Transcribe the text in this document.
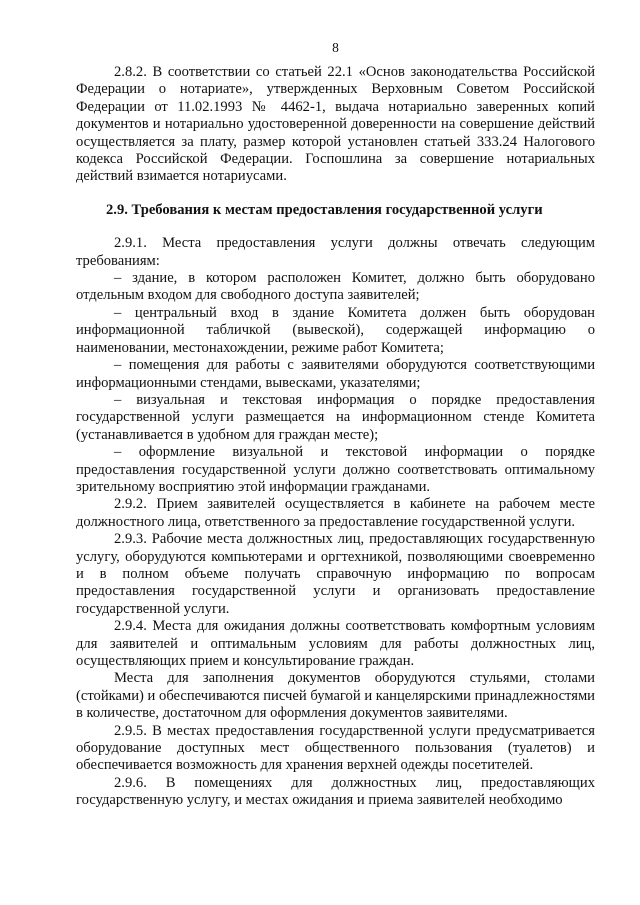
8

2.8.2. В соответствии со статьей 22.1 «Основ законодательства Российской Федерации о нотариате», утвержденных Верховным Советом Российской Федерации от 11.02.1993 № 4462-1, выдача нотариально заверенных копий документов и нотариально удостоверенной доверенности на совершение действий осуществляется за плату, размер которой установлен статьей 333.24 Налогового кодекса Российской Федерации. Госпошлина за совершение нотариальных действий взимается нотариусами.

2.9. Требования к местам предоставления государственной услуги

2.9.1. Места предоставления услуги должны отвечать следующим требованиям:

– здание, в котором расположен Комитет, должно быть оборудовано отдельным входом для свободного доступа заявителей;

– центральный вход в здание Комитета должен быть оборудован информационной табличкой (вывеской), содержащей информацию о наименовании, местонахождении, режиме работ Комитета;

– помещения для работы с заявителями оборудуются соответствующими информационными стендами, вывесками, указателями;

– визуальная и текстовая информация о порядке предоставления государственной услуги размещается на информационном стенде Комитета (устанавливается в удобном для граждан месте);

– оформление визуальной и текстовой информации о порядке предоставления государственной услуги должно соответствовать оптимальному зрительному восприятию этой информации гражданами.

2.9.2. Прием заявителей осуществляется в кабинете на рабочем месте должностного лица, ответственного за предоставление государственной услуги.

2.9.3. Рабочие места должностных лиц, предоставляющих государственную услугу, оборудуются компьютерами и оргтехникой, позволяющими своевременно и в полном объеме получать справочную информацию по вопросам предоставления государственной услуги и организовать предоставление государственной услуги.

2.9.4. Места для ожидания должны соответствовать комфортным условиям для заявителей и оптимальным условиям для работы должностных лиц, осуществляющих прием и консультирование граждан.

Места для заполнения документов оборудуются стульями, столами (стойками) и обеспечиваются писчей бумагой и канцелярскими принадлежностями в количестве, достаточном для оформления документов заявителями.

2.9.5. В местах предоставления государственной услуги предусматривается оборудование доступных мест общественного пользования (туалетов) и обеспечивается возможность для хранения верхней одежды посетителей.

2.9.6. В помещениях для должностных лиц, предоставляющих государственную услугу, и местах ожидания и приема заявителей необходимо
